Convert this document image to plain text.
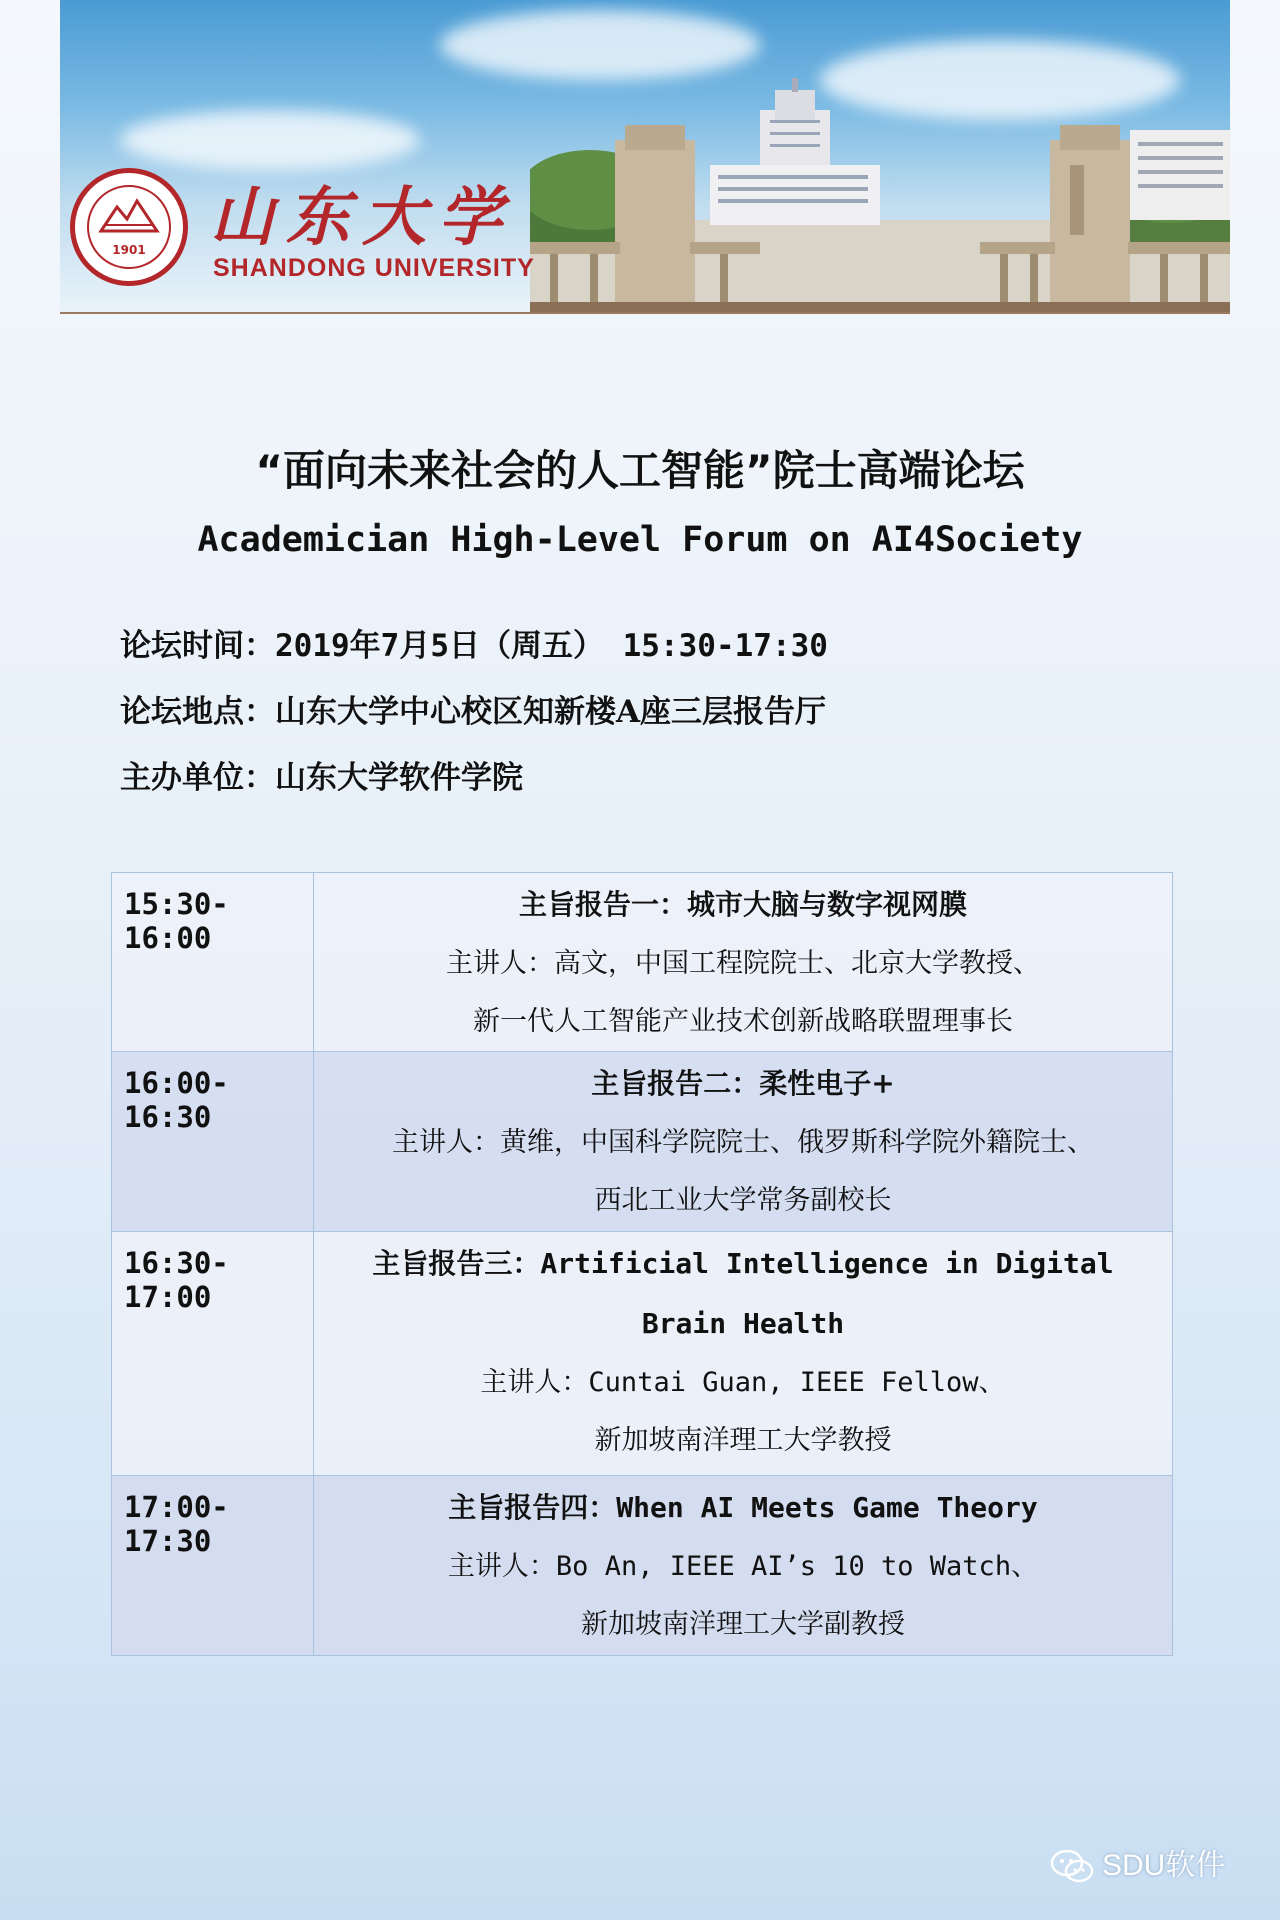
1901	山东大学
SHANDONG UNIVERSITY
“面向未来社会的人工智能”院士高端论坛
Academician High-Level Forum on AI4Society
论坛时间：2019年7月5日（周五） 15:30-17:30
论坛地点：山东大学中心校区知新楼A座三层报告厅
主办单位：山东大学软件学院
15:30-16:00	主旨报告一：城市大脑与数字视网膜
主讲人：高文，中国工程院院士、北京大学教授、
新一代人工智能产业技术创新战略联盟理事长

16:00-16:30	主旨报告二：柔性电子+
主讲人：黄维，中国科学院院士、俄罗斯科学院外籍院士、
西北工业大学常务副校长

16:30-17:00	主旨报告三：Artificial Intelligence in Digital
Brain Health
主讲人：Cuntai Guan, IEEE Fellow、
新加坡南洋理工大学教授

17:00-17:30	主旨报告四：When AI Meets Game Theory
主讲人：Bo An, IEEE AI’s 10 to Watch、
新加坡南洋理工大学副教授
SDU软件
